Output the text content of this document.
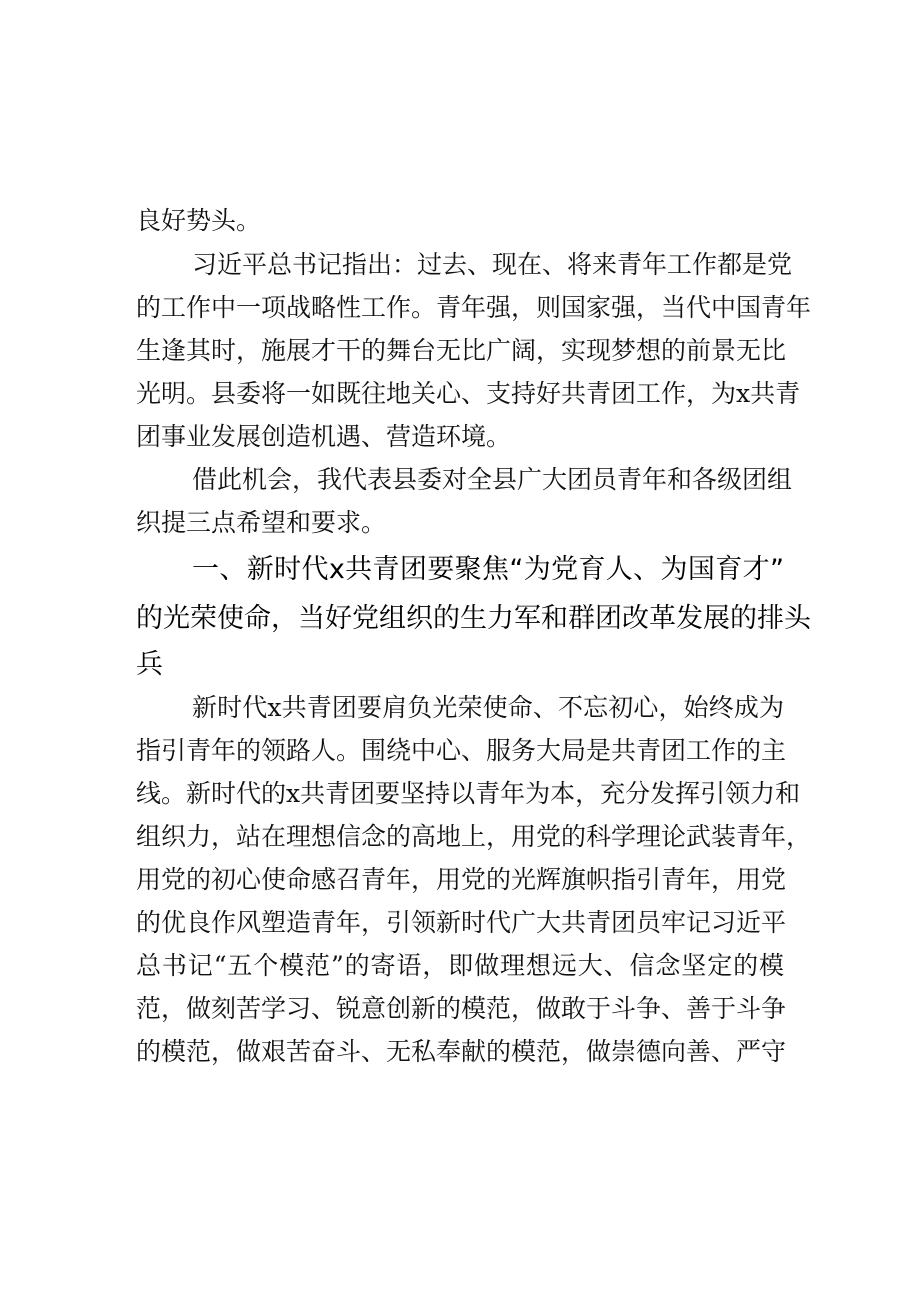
良好势头。
习近平总书记指出：过去、现在、将来青年工作都是党
的工作中一项战略性工作。青年强，则国家强，当代中国青年
生逢其时，施展才干的舞台无比广阔，实现梦想的前景无比
光明。县委将一如既往地关心、支持好共青团工作，为x共青
团事业发展创造机遇、营造环境。
借此机会，我代表县委对全县广大团员青年和各级团组
织提三点希望和要求。
一、新时代x共青团要聚焦“为党育人、为国育才”
的光荣使命，当好党组织的生力军和群团改革发展的排头
兵
新时代x共青团要肩负光荣使命、不忘初心，始终成为
指引青年的领路人。围绕中心、服务大局是共青团工作的主
线。新时代的x共青团要坚持以青年为本，充分发挥引领力和
组织力，站在理想信念的高地上，用党的科学理论武装青年，
用党的初心使命感召青年，用党的光辉旗帜指引青年，用党
的优良作风塑造青年，引领新时代广大共青团员牢记习近平
总书记“五个模范”的寄语，即做理想远大、信念坚定的模
范，做刻苦学习、锐意创新的模范，做敢于斗争、善于斗争
的模范，做艰苦奋斗、无私奉献的模范，做崇德向善、严守
